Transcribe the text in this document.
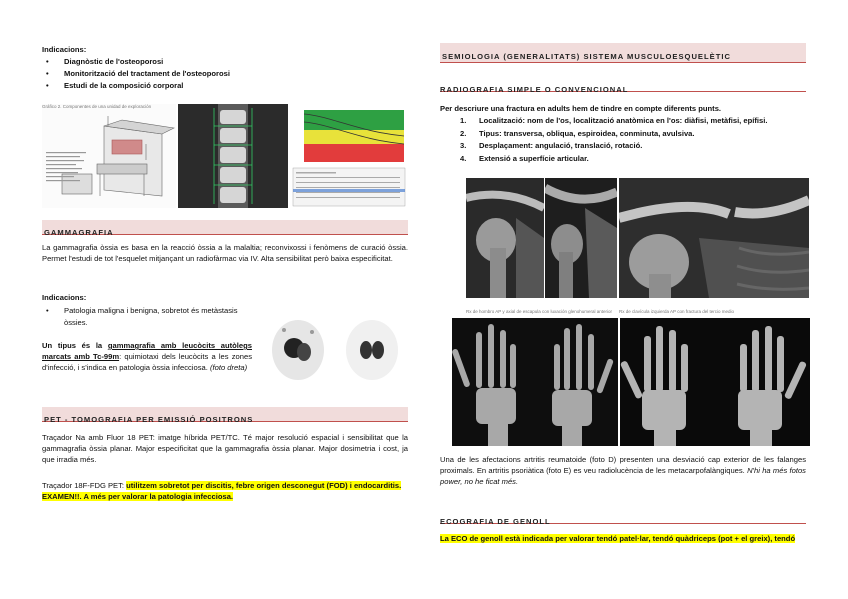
Indicacions:
• Diagnòstic de l'osteoporosi
• Monitorització del tractament de l'osteoporosi
• Estudi de la composició corporal
Gráfico 2. Componentes de una unidad de exploración
GAMMAGRAFIA
La gammagrafia òssia es basa en la reacció òssia a la malaltia; reconvixossi i fenòmens de curació òssia. Permet l'estudi de tot l'esquelet mitjançant un radiofàrmac via IV. Alta sensibilitat però baixa especificitat.
Indicacions:
• Patologia maligna i benigna, sobretot és metàstasis òssies.
Un tipus és la gammagrafia amb leucòcits autòlegs marcats amb Tc-99m: quimiotaxi dels leucòcits a les zones d'infecció, i s'indica en patologia òssia infecciosa. (foto dreta)
PET - TOMOGRAFIA PER EMISSIÓ POSITRONS
Traçador Na amb Fluor 18 PET: imatge híbrida PET/TC. Té major resolució espacial i sensibilitat que la gammagrafia òssia planar. Major especificitat que la gammagrafia òssia planar. Major dosimetria i cost, ja que irradia més.
Traçador 18F-FDG PET: utilitzem sobretot per discitis, febre origen desconegut (FOD) i endocarditis. EXAMEN!!. A més per valorar la patologia infecciosa.
SEMIOLOGIA (GENERALITATS) SISTEMA MUSCULOESQUELÈTIC
RADIOGRAFIA SIMPLE O CONVENCIONAL
Per descriure una fractura en adults hem de tindre en compte diferents punts.
1. Localització: nom de l'os, localització anatòmica en l'os: diàfisi, metàfisi, epífisi.
2. Tipus: transversa, obliqua, espiroidea, conminuta, avulsiva.
3. Desplaçament: angulació, translació, rotació.
4. Extensió a superfície articular.
Rx de hombro AP y axial de escapula con luxación glenohumeral anterior	Rx de clavícula izquierda AP con fractura del tercio medio
Una de les afectacions artritis reumatoide (foto D) presenten una desviació cap exterior de les falanges proximals. En artritis psoriàtica (foto E) es veu radiolucència de les metacarpofalàngiques. N'hi ha més fotos power, no he ficat més.
ECOGRAFIA DE GENOLL
La ECO de genoll està indicada per valorar tendó patel·lar, tendó quàdriceps (pot + el greix), tendó
